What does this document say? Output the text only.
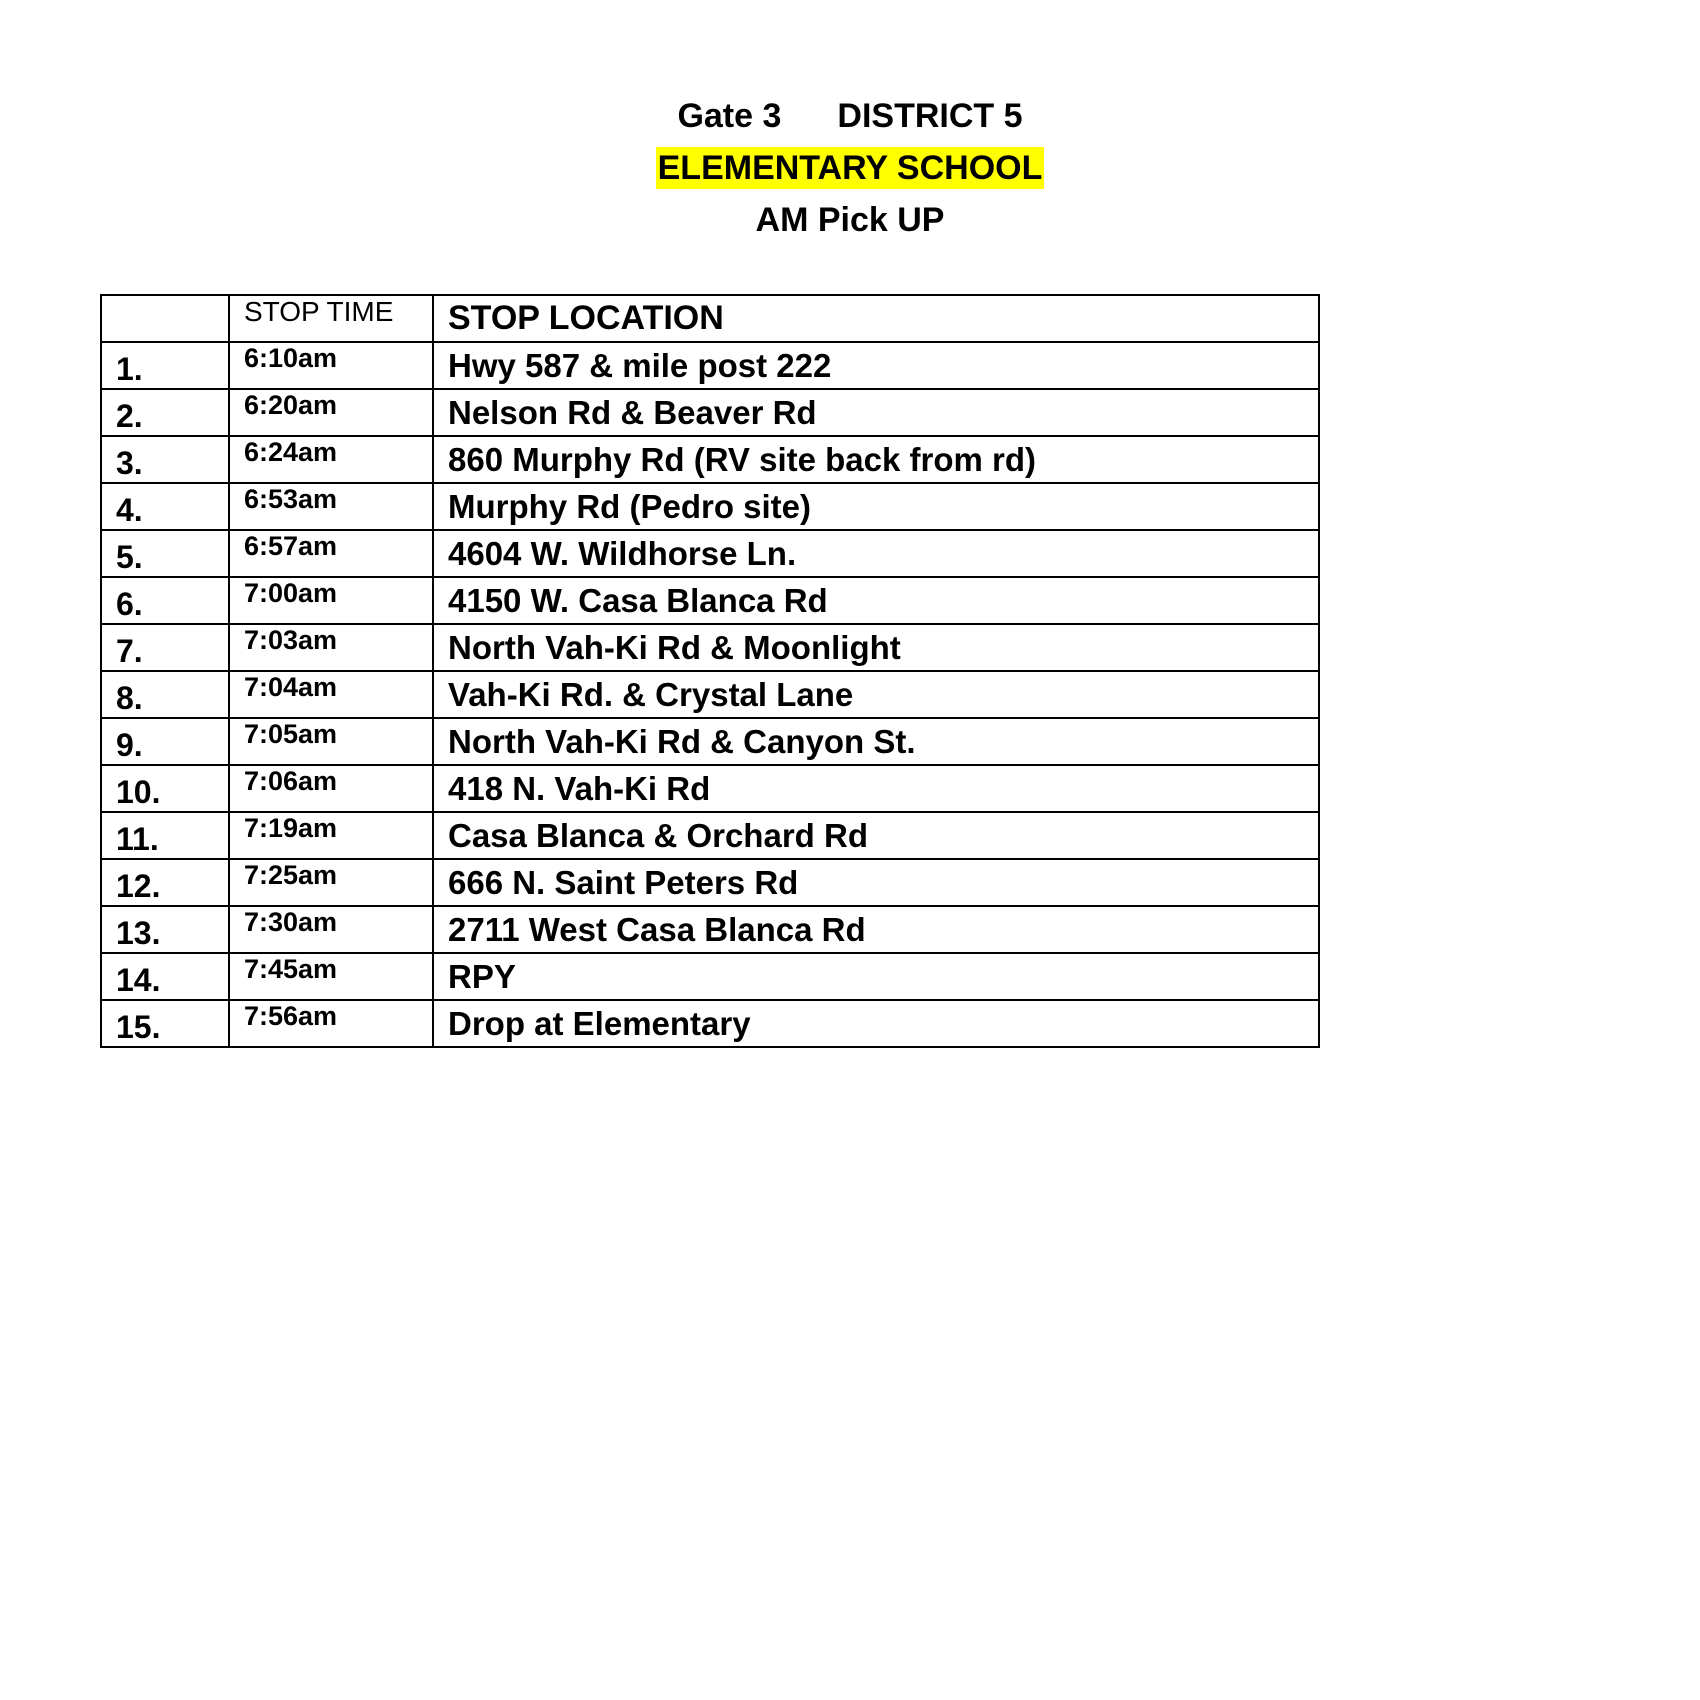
Gate 3 DISTRICT 5
ELEMENTARY SCHOOL
AM Pick UP
	STOP TIME	STOP LOCATION
1.	6:10am	Hwy 587 & mile post 222
2.	6:20am	Nelson Rd & Beaver Rd
3.	6:24am	860 Murphy Rd (RV site back from rd)
4.	6:53am	Murphy Rd (Pedro site)
5.	6:57am	4604 W. Wildhorse Ln.
6.	7:00am	4150 W. Casa Blanca Rd
7.	7:03am	North Vah-Ki Rd & Moonlight
8.	7:04am	Vah-Ki Rd. & Crystal Lane
9.	7:05am	North Vah-Ki Rd & Canyon St.
10.	7:06am	418 N. Vah-Ki Rd
11.	7:19am	Casa Blanca & Orchard Rd
12.	7:25am	666 N. Saint Peters Rd
13.	7:30am	2711 West Casa Blanca Rd
14.	7:45am	RPY
15.	7:56am	Drop at Elementary
